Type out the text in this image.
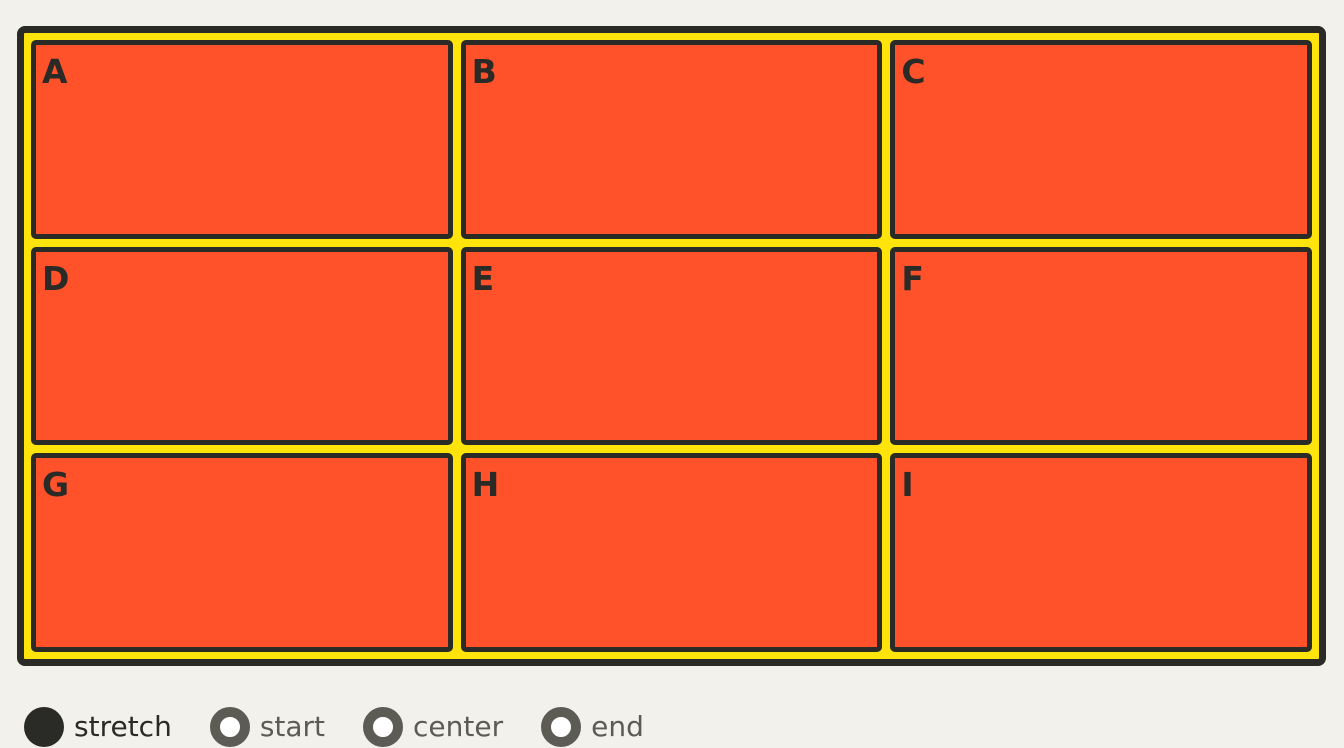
A	B	C
D	E	F
G	H	I
stretch	start	center	end
